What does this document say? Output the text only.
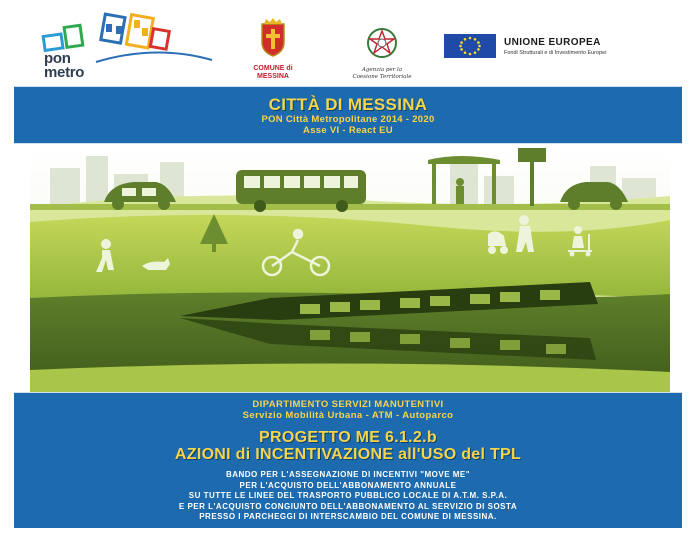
pon
metro	COMUNE di
MESSINA
Agenzia per la
Coesione Territoriale
UNIONE EUROPEA
Fondi Strutturali e di Investimento Europei
CITTÀ DI MESSINA
PON Città Metropolitane 2014 - 2020
Asse VI - React EU
DIPARTIMENTO SERVIZI MANUTENTIVI
Servizio Mobilità Urbana - ATM - Autoparco
PROGETTO ME 6.1.2.b
AZIONI di INCENTIVAZIONE all'USO del TPL
BANDO PER L'ASSEGNAZIONE DI INCENTIVI "MOVE ME"
PER L'ACQUISTO DELL'ABBONAMENTO ANNUALE
SU TUTTE LE LINEE DEL TRASPORTO PUBBLICO LOCALE DI A.T.M. S.P.A.
E PER L'ACQUISTO CONGIUNTO DELL'ABBONAMENTO AL SERVIZIO DI SOSTA
PRESSO I PARCHEGGI DI INTERSCAMBIO DEL COMUNE DI MESSINA.
